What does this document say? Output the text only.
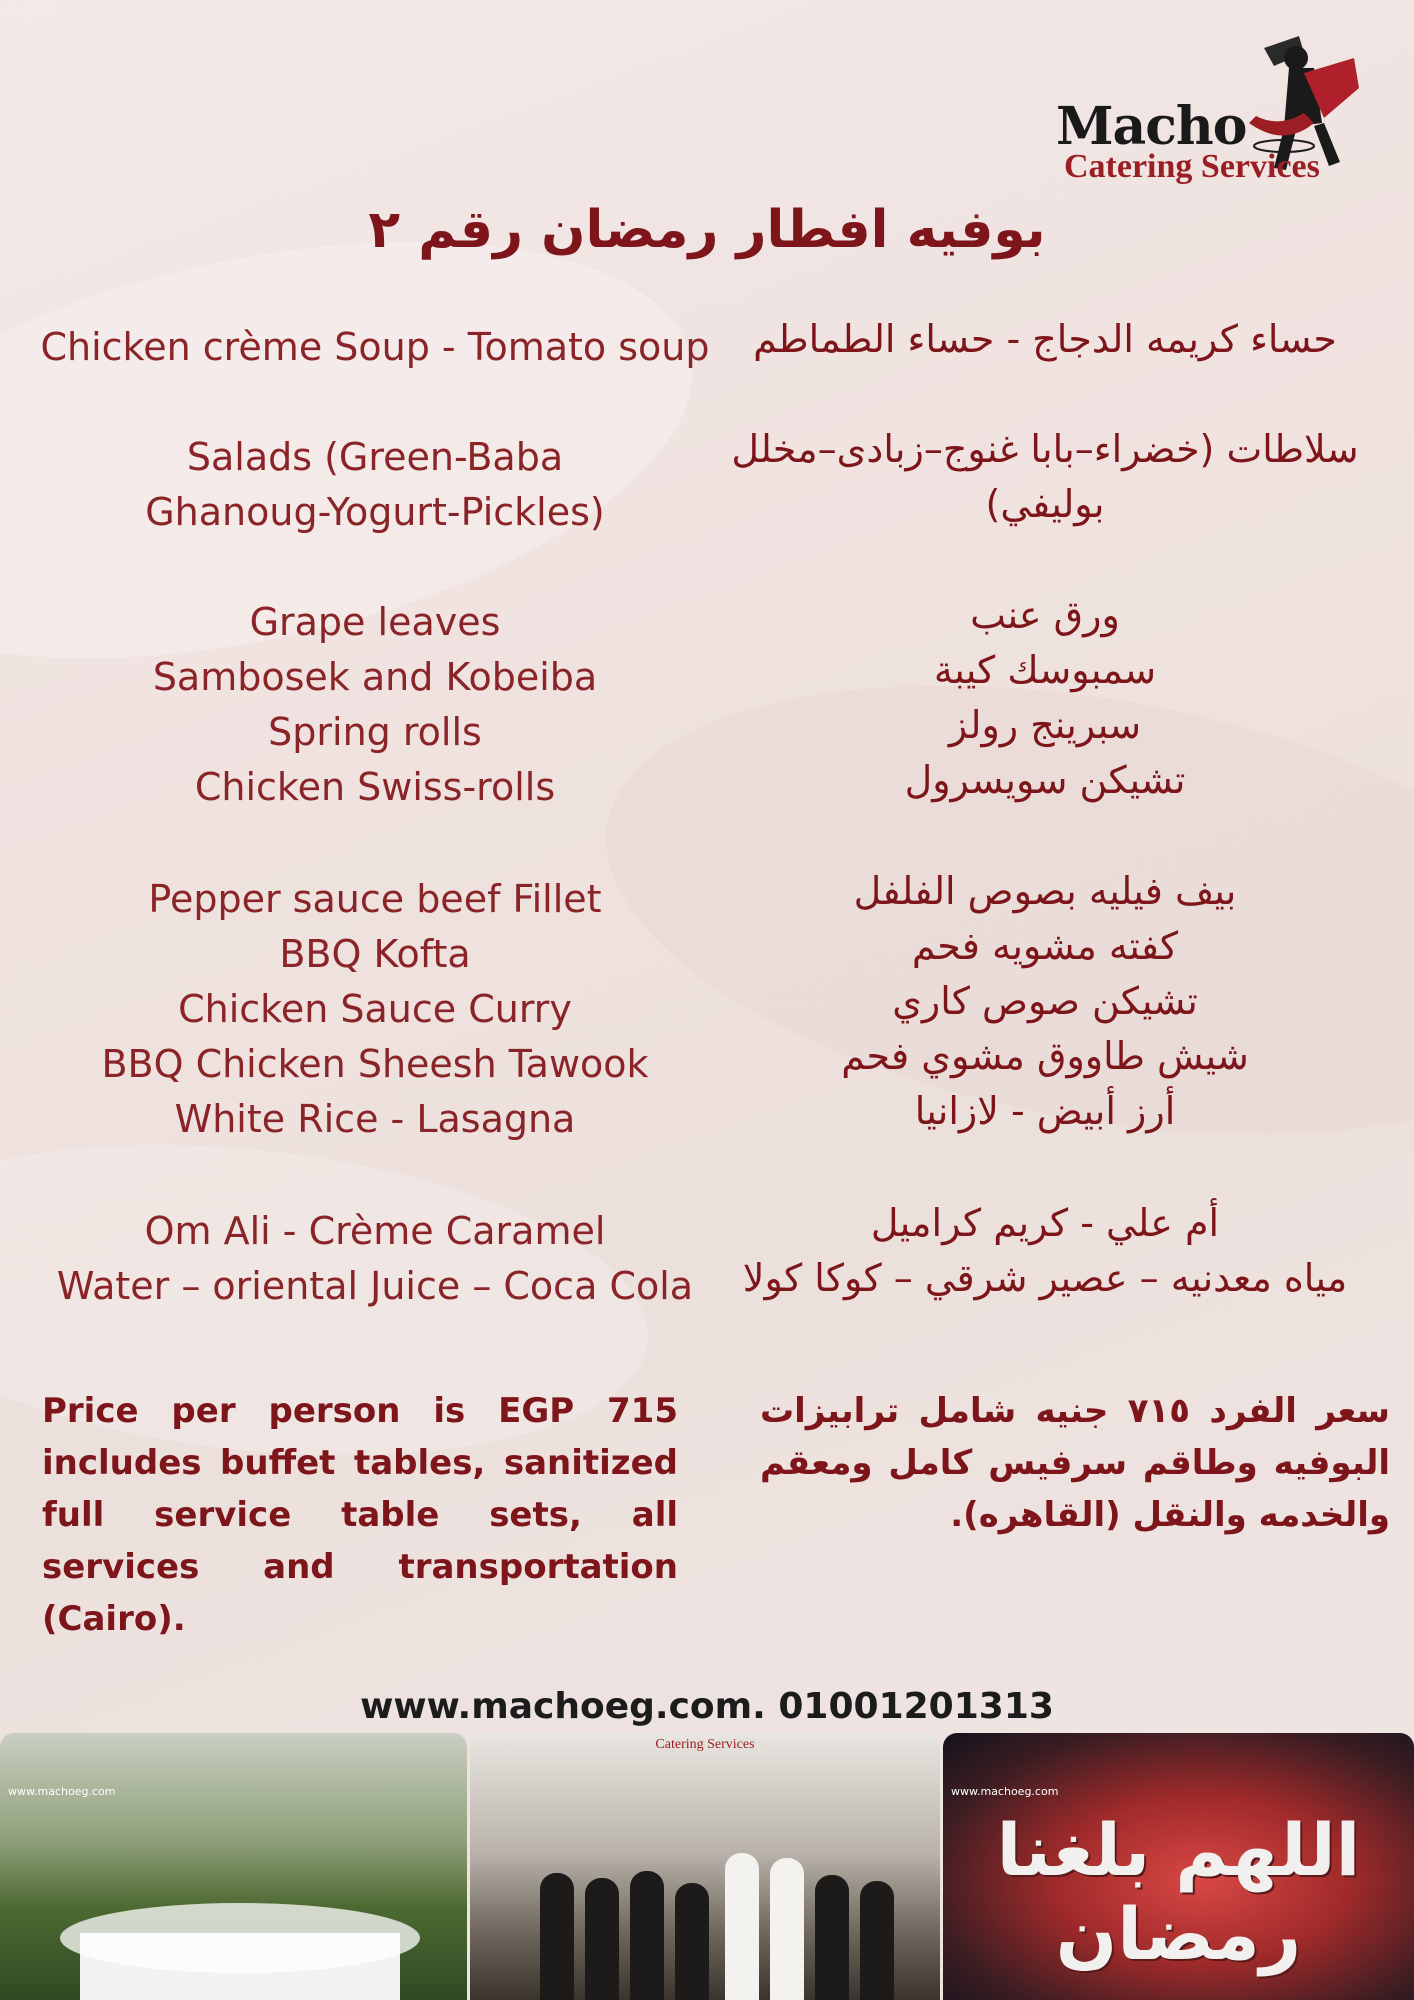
Macho
Catering Services
بوفيه افطار رمضان رقم ٢
Chicken crème Soup - Tomato soup
Salads (Green-Baba Ghanoug-Yogurt-Pickles)
Grape leaves
Sambosek and Kobeiba
Spring rolls
Chicken Swiss-rolls
Pepper sauce beef Fillet
BBQ Kofta
Chicken Sauce Curry
BBQ Chicken Sheesh Tawook
White Rice - Lasagna
Om Ali - Crème Caramel
Water – oriental Juice – Coca Cola
حساء كريمه الدجاج - حساء الطماطم
سلاطات (خضراء–بابا غنوج–زبادى–مخلل بوليفي)
ورق عنب
سمبوسك كيبة
سبرينج رولز
تشيكن سويسرول
بيف فيليه بصوص الفلفل
كفته مشويه فحم
تشيكن صوص كاري
شيش طاووق مشوي فحم
أرز أبيض - لازانيا
أم علي - كريم كراميل
مياه معدنيه – عصير شرقي – كوكا كولا
Price per person is EGP 715 includes buffet tables, sanitized full service table sets, all services and transportation (Cairo).
سعر الفرد ٧١٥ جنيه شامل ترابيزات البوفيه وطاقم سرفيس كامل ومعقم والخدمه والنقل (القاهره).
www.machoeg.com. 01001201313
www.machoeg.com
Catering Services
www.machoeg.com
اللهم بلغنا رمضان
